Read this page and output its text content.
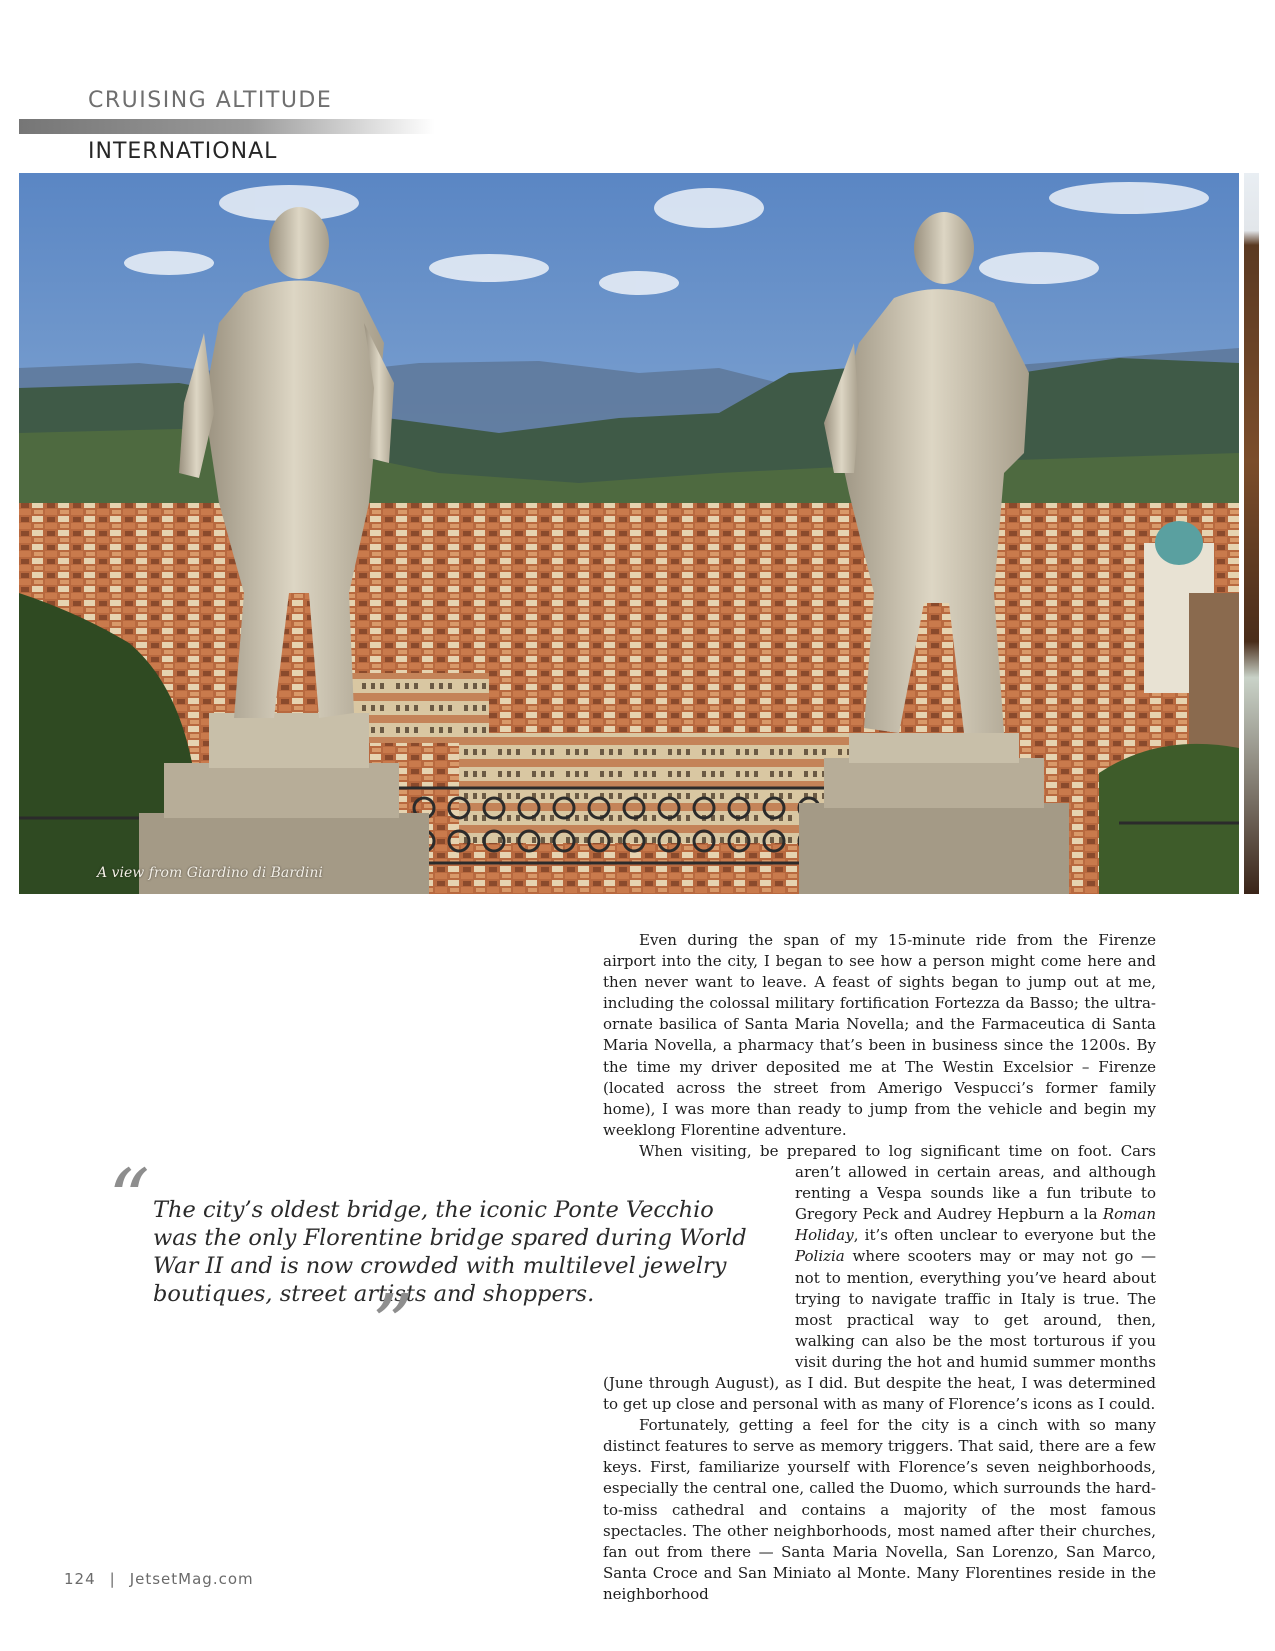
CRUISING ALTITUDE
INTERNATIONAL
A view from Giardino di Bardini
“ The city’s oldest bridge, the iconic Ponte Vecchio was the only Florentine bridge spared during World War II and is now crowded with multilevel jewelry boutiques, street artists and shoppers.
”

Even during the span of my 15-minute ride from the Firenze airport into the city, I began to see how a person might come here and then never want to leave. A feast of sights began to jump out at me, including the colossal military fortification Fortezza da Basso; the ultra-ornate basilica of Santa Maria Novella; and the Farmaceutica di Santa Maria Novella, a pharmacy that’s been in business since the 1200s. By the time my driver deposited me at The Westin Excelsior – Firenze (located across the street from Amerigo Vespucci’s former family home), I was more than ready to jump from the vehicle and begin my weeklong Florentine adventure.

When visiting, be prepared to log significant time on foot. Cars aren’t allowed in certain areas, and
although renting a Vespa sounds like a fun tribute to Gregory Peck and Audrey Hepburn a la Roman Holiday, it’s often unclear to everyone but the Polizia where scooters may or may not go — not to mention, everything you’ve heard about trying to navigate traffic in Italy is true. The most practical way to get around, then, walking can also be the most torturous if you visit during the hot and humid summer months (June through August), as I did. But despite the heat, I was determined to get up close and personal with as many of Florence’s icons as I could.

Fortunately, getting a feel for the city is a cinch with so many distinct features to serve as memory triggers. That said, there are a few keys. First, familiarize yourself with Florence’s seven neighborhoods, especially the central one, called the Duomo, which surrounds the hard-to-miss cathedral and contains a majority of the most famous spectacles. The other neighborhoods, most named after their churches, fan out from there — Santa Maria Novella, San Lorenzo, San Marco, Santa Croce and San Miniato al Monte. Many Florentines reside in the neighborhood

124 | JetsetMag.com
